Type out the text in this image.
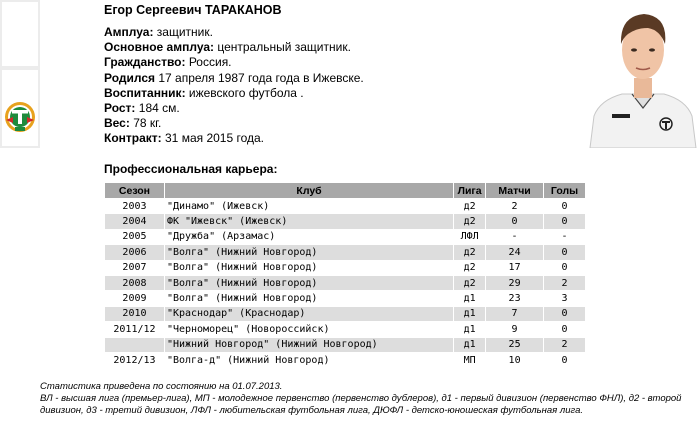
Егор Сергеевич ТАРАКАНОВ
Амплуа: защитник.
Основное амплуа: центральный защитник.
Гражданство: Россия.
Родился 17 апреля 1987 года года в Ижевске.
Воспитанник: ижевского футбола .
Рост: 184 см.
Вес: 78 кг.
Контракт: 31 мая 2015 года.
Профессиональная карьера:
Сезон	Клуб	Лига	Матчи	Голы
2003	"Динамо" (Ижевск)	д2	2	0
2004	ФК "Ижевск" (Ижевск)	д2	0	0
2005	"Дружба" (Арзамас)	ЛФЛ	-	-
2006	"Волга" (Нижний Новгород)	д2	24	0
2007	"Волга" (Нижний Новгород)	д2	17	0
2008	"Волга" (Нижний Новгород)	д2	29	2
2009	"Волга" (Нижний Новгород)	д1	23	3
2010	"Краснодар" (Краснодар)	д1	7	0
2011/12	"Черноморец" (Новороссийск)	д1	9	0
	"Нижний Новгород" (Нижний Новгород)	д1	25	2
2012/13	"Волга-д" (Нижний Новгород)	МП	10	0
Статистика приведена по состоянию на 01.07.2013.
ВЛ - высшая лига (премьер-лига), МП - молодежное первенство (первенство дублеров), д1 - первый дивизион (первенство ФНЛ), д2 - второй дивизион, д3 - третий дивизион, ЛФЛ - любительская футбольная лига, ДЮФЛ - детско-юношеская футбольная лига.
